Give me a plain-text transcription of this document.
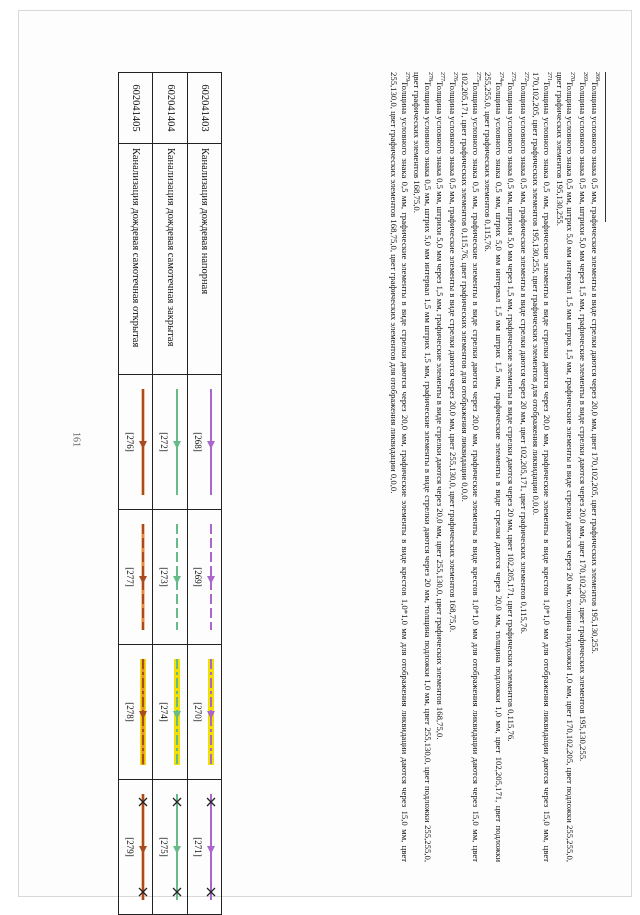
161
602041403	Канализация дождевая напорная	[268]	[269]	[270]	[271]

602041404	Канализация дождевая самотечная закрытая	[272]	[273]	[274]	[275]

602041405	Канализация дождевая самотечная открытая	[276]	[277]	[278]	[279]

$^{268}$Толщина условного знака 0,5 мм, графические элементы в виде стрелки даются через 20,0 мм, цвет 170,102,205, цвет графических элементов 195,130,255.

$^{269}$Толщина условного знака 0,5 мм, штрихи 5,0 мм через 1,5 мм, графические элементы в виде стрелки даются через 20,0 мм, цвет 170,102,205, цвет графических элементов 195,130,255.

$^{270}$Толщина условного знака 0,5 мм, штрих 5,0 мм интервал 1,5 мм штрих 1,5 мм, графические элементы в виде стрелки даются через 20 мм, толщина подложки 1,0 мм, цвет 170,102,205, цвет подложки 255,255,0, цвет графических элементов 195,130,255.

$^{271}$Толщина условного знака 0,5 мм, графические элементы в виде стрелки даются через 20,0 мм, графические элементы в виде крестов 1,0*1,0 мм для отображения ликвидации даются через 15,0 мм, цвет 170,102,205, цвет графических элементов 195,130,255, цвет графических элементов для отображения ликвидации 0,0,0.

$^{272}$Толщина условного знака 0,5 мм, графические элементы в виде стрелки даются через 20 мм, цвет 102,205,171, цвет графических элементов 0,115,76.

$^{273}$Толщина условного знака 0,5 мм, штрихи 5,0 мм через 1,5 мм, графические элементы в виде стрелки даются через 20 мм, цвет 102,205,171, цвет графических элементов 0,115,76.

$^{274}$Толщина условного знака 0,5 мм, штрих 5,0 мм интервал 1,5 мм штрих 1,5 мм, графические элементы в виде стрелки даются через 20,0 мм, толщина подложки 1,0 мм, цвет 102,205,171, цвет подложки 255,255,0, цвет графических элементов 0,115,76.

$^{275}$Толщина условного знака 0,5 мм, графические элементы в виде стрелки даются через 20,0 мм, графические элементы в виде крестов 1,0*1,0 мм для отображения ликвидации даются через 15,0 мм, цвет 102,205,171, цвет графических элементов 0,115,76, цвет графических элементов для отображения ликвидации 0,0,0.

$^{276}$Толщина условного знака 0,5 мм, графические элементы в виде стрелки даются через 20,0 мм, цвет 255,130,0, цвет графических элементов 168,75,0.

$^{277}$Толщина условного знака 0,5 мм, штрихи 5,0 мм через 1,5 мм, графические элементы в виде стрелки даются через 20,0 мм, цвет 255,130,0, цвет графических элементов 168,75,0.

$^{278}$Толщина условного знака 0,5 мм, штрих 5,0 мм интервал 1,5 мм штрих 1,5 мм, графические элементы в виде стрелки даются через 20 мм, толщина подложки 1,0 мм, цвет 255,130,0, цвет подложки 255,255,0, цвет графических элементов 168,75,0.

$^{279}$Толщина условного знака 0,5 мм, графические элементы в виде стрелки даются через 20,0 мм, графические элементы в виде крестов 1,0*1,0 мм для отображения ликвидации даются через 15,0 мм, цвет 255,130,0, цвет графических элементов 168,75,0, цвет графических элементов для отображения ликвидации 0,0,0.
